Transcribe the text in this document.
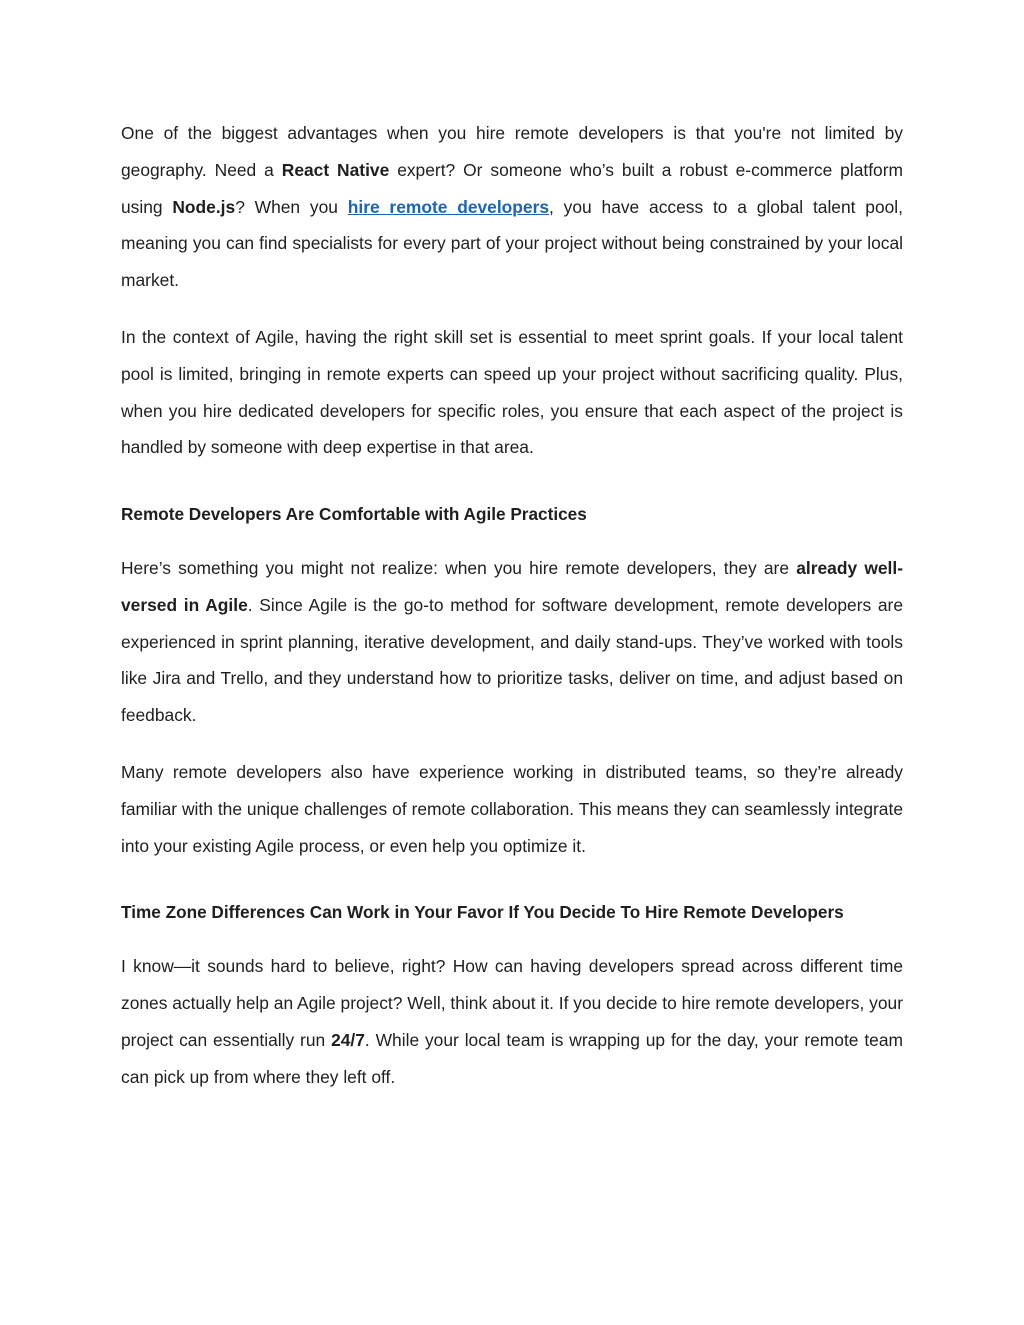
One of the biggest advantages when you hire remote developers is that you're not limited by geography. Need a React Native expert? Or someone who’s built a robust e-commerce platform using Node.js? When you hire remote developers, you have access to a global talent pool, meaning you can find specialists for every part of your project without being constrained by your local market.

In the context of Agile, having the right skill set is essential to meet sprint goals. If your local talent pool is limited, bringing in remote experts can speed up your project without sacrificing quality. Plus, when you hire dedicated developers for specific roles, you ensure that each aspect of the project is handled by someone with deep expertise in that area.

Remote Developers Are Comfortable with Agile Practices

Here’s something you might not realize: when you hire remote developers, they are already well-versed in Agile. Since Agile is the go-to method for software development, remote developers are experienced in sprint planning, iterative development, and daily stand-ups. They’ve worked with tools like Jira and Trello, and they understand how to prioritize tasks, deliver on time, and adjust based on feedback.

Many remote developers also have experience working in distributed teams, so they’re already familiar with the unique challenges of remote collaboration. This means they can seamlessly integrate into your existing Agile process, or even help you optimize it.

Time Zone Differences Can Work in Your Favor If You Decide To Hire Remote Developers

I know—it sounds hard to believe, right? How can having developers spread across different time zones actually help an Agile project? Well, think about it. If you decide to hire remote developers, your project can essentially run 24/7. While your local team is wrapping up for the day, your remote team can pick up from where they left off.
